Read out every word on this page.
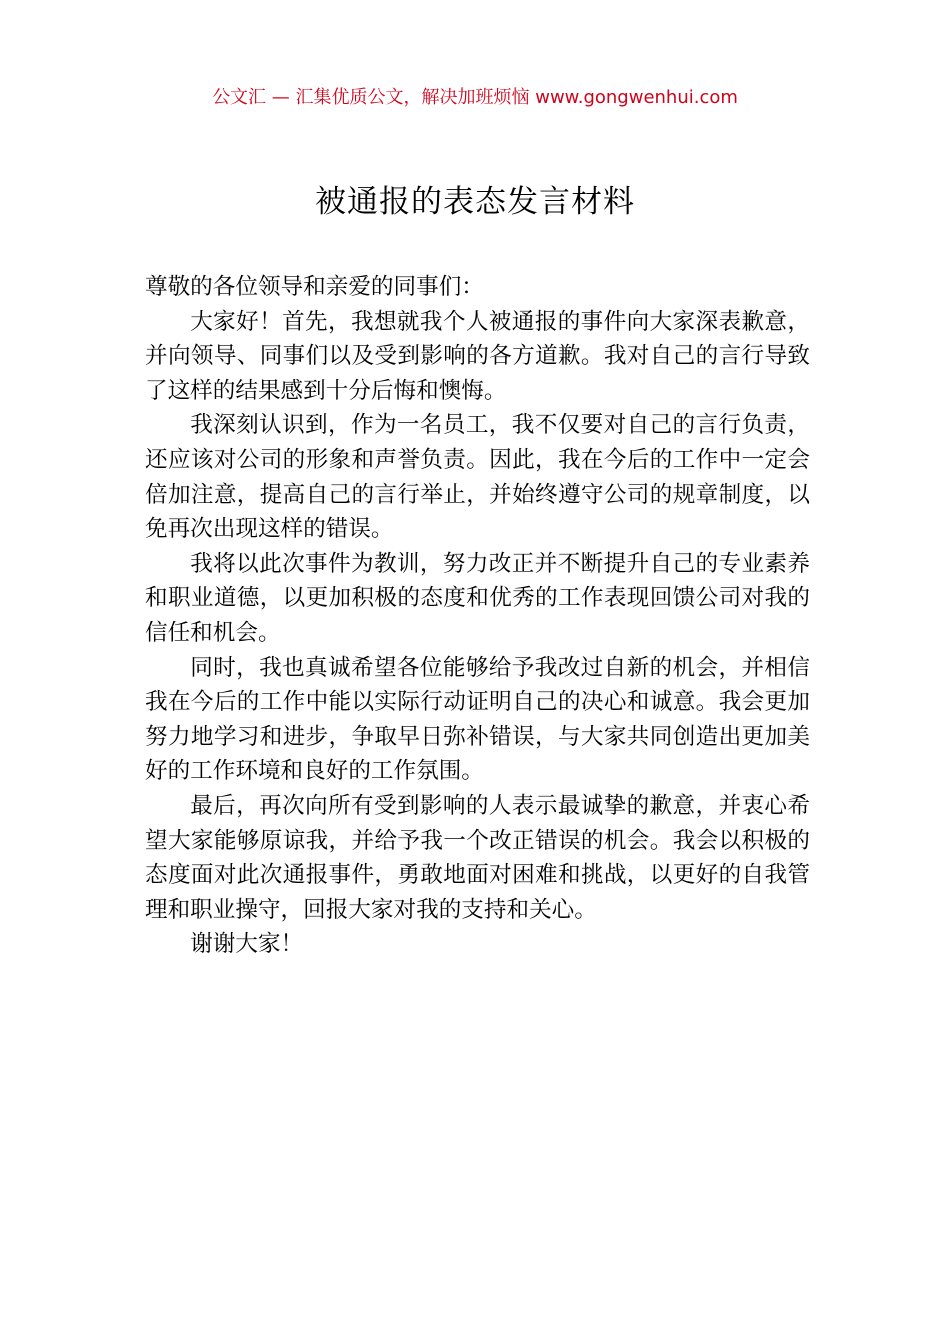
公文汇 — 汇集优质公文，解决加班烦恼 www.gongwenhui.com
被通报的表态发言材料

尊敬的各位领导和亲爱的同事们：

大家好！首先，我想就我个人被通报的事件向大家深表歉意，并向领导、同事们以及受到影响的各方道歉。我对自己的言行导致了这样的结果感到十分后悔和懊悔。

我深刻认识到，作为一名员工，我不仅要对自己的言行负责，还应该对公司的形象和声誉负责。因此，我在今后的工作中一定会倍加注意，提高自己的言行举止，并始终遵守公司的规章制度，以免再次出现这样的错误。

我将以此次事件为教训，努力改正并不断提升自己的专业素养和职业道德，以更加积极的态度和优秀的工作表现回馈公司对我的信任和机会。

同时，我也真诚希望各位能够给予我改过自新的机会，并相信我在今后的工作中能以实际行动证明自己的决心和诚意。我会更加努力地学习和进步，争取早日弥补错误，与大家共同创造出更加美好的工作环境和良好的工作氛围。

最后，再次向所有受到影响的人表示最诚挚的歉意，并衷心希望大家能够原谅我，并给予我一个改正错误的机会。我会以积极的态度面对此次通报事件，勇敢地面对困难和挑战，以更好的自我管理和职业操守，回报大家对我的支持和关心。

谢谢大家！
